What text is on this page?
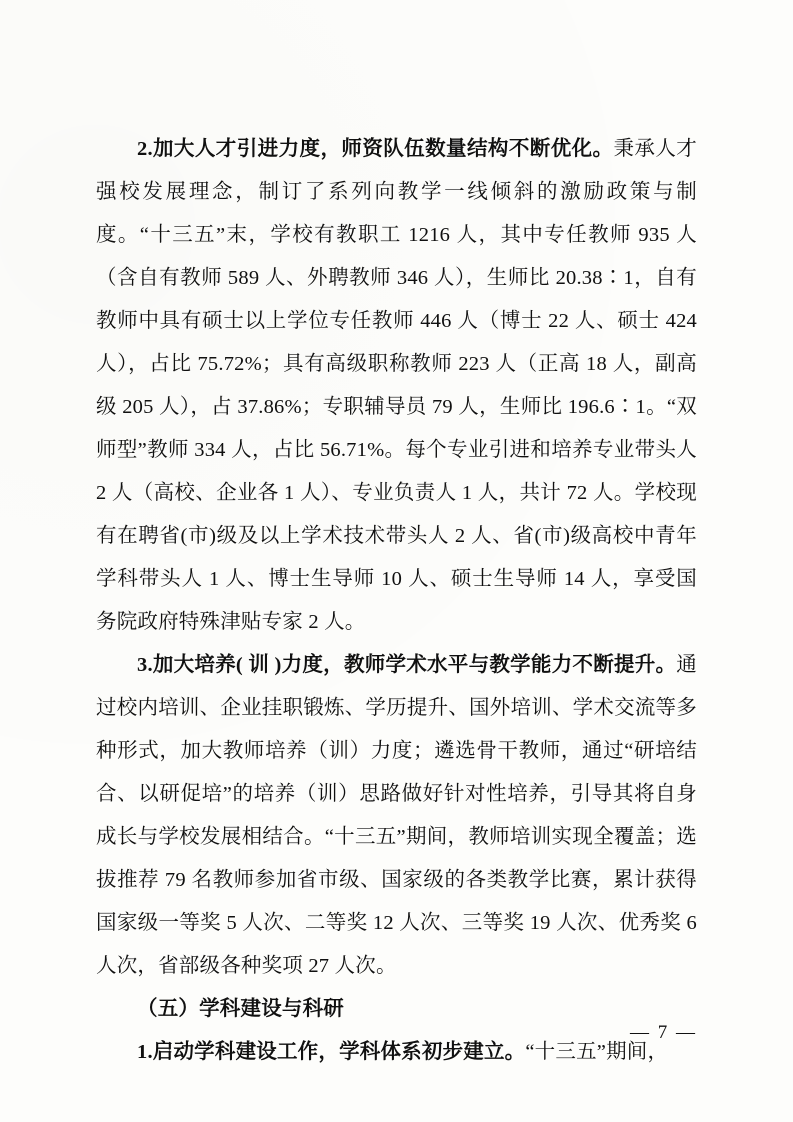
2.加大人才引进力度，师资队伍数量结构不断优化。秉承人才强校发展理念，制订了系列向教学一线倾斜的激励政策与制度。“十三五”末，学校有教职工 1216 人，其中专任教师 935 人（含自有教师 589 人、外聘教师 346 人），生师比 20.38∶1，自有教师中具有硕士以上学位专任教师 446 人（博士 22 人、硕士 424 人），占比 75.72%；具有高级职称教师 223 人（正高 18 人，副高级 205 人），占 37.86%；专职辅导员 79 人，生师比 196.6∶1。“双师型”教师 334 人，占比 56.71%。每个专业引进和培养专业带头人 2 人（高校、企业各 1 人）、专业负责人 1 人，共计 72 人。学校现有在聘省(市)级及以上学术技术带头人 2 人、省(市)级高校中青年学科带头人 1 人、博士生导师 10 人、硕士生导师 14 人，享受国务院政府特殊津贴专家 2 人。

3.加大培养( 训 )力度，教师学术水平与教学能力不断提升。通过校内培训、企业挂职锻炼、学历提升、国外培训、学术交流等多种形式，加大教师培养（训）力度；遴选骨干教师，通过“研培结合、以研促培”的培养（训）思路做好针对性培养，引导其将自身成长与学校发展相结合。“十三五”期间，教师培训实现全覆盖；选拔推荐 79 名教师参加省市级、国家级的各类教学比赛，累计获得国家级一等奖 5 人次、二等奖 12 人次、三等奖 19 人次、优秀奖 6 人次，省部级各种奖项 27 人次。

（五）学科建设与科研

1.启动学科建设工作，学科体系初步建立。“十三五”期间，

— 7 —
